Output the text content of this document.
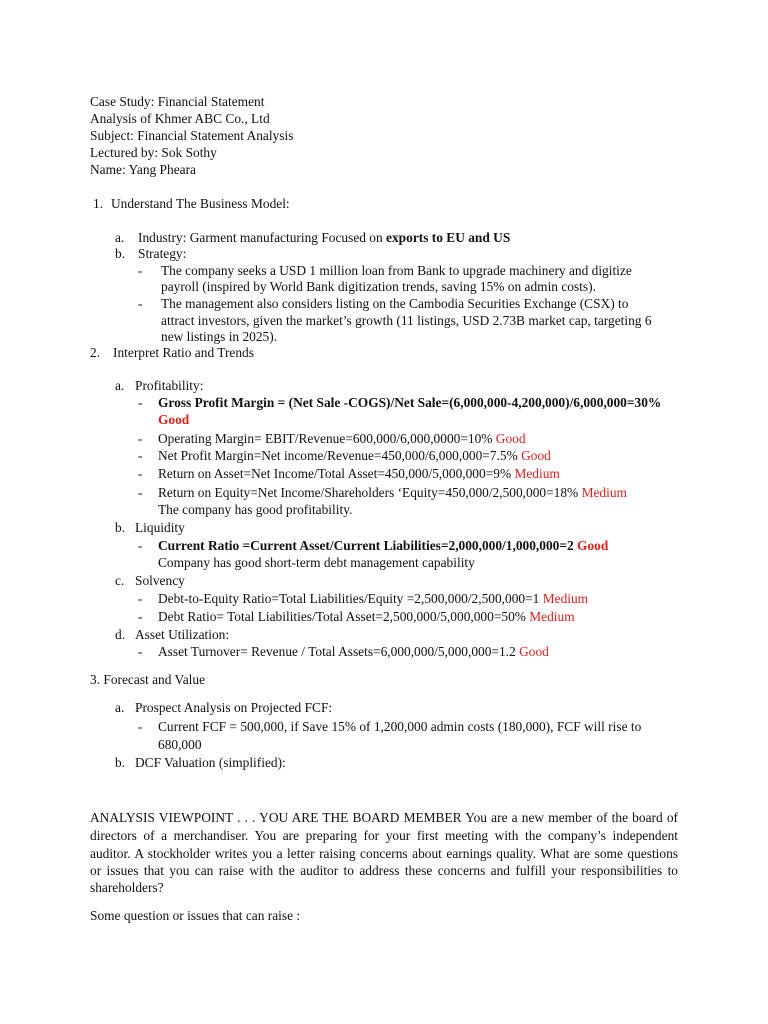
Case Study: Financial Statement
Analysis of Khmer ABC Co., Ltd
Subject: Financial Statement Analysis
Lectured by: Sok Sothy
Name: Yang Pheara
1. Understand The Business Model:
a. Industry: Garment manufacturing Focused on exports to EU and US
b. Strategy:
- The company seeks a USD 1 million loan from Bank to upgrade machinery and digitize
payroll (inspired by World Bank digitization trends, saving 15% on admin costs).
- The management also considers listing on the Cambodia Securities Exchange (CSX) to
attract investors, given the market’s growth (11 listings, USD 2.73B market cap, targeting 6
new listings in 2025).
2. Interpret Ratio and Trends
a. Profitability:
- Gross Profit Margin = (Net Sale -COGS)/Net Sale=(6,000,000-4,200,000)/6,000,000=30%
Good
- Operating Margin= EBIT/Revenue=600,000/6,000,0000=10% Good
- Net Profit Margin=Net income/Revenue=450,000/6,000,000=7.5% Good
- Return on Asset=Net Income/Total Asset=450,000/5,000,000=9% Medium
- Return on Equity=Net Income/Shareholders ‘Equity=450,000/2,500,000=18% Medium
The company has good profitability.
b. Liquidity
- Current Ratio =Current Asset/Current Liabilities=2,000,000/1,000,000=2 Good
Company has good short-term debt management capability
c. Solvency
- Debt-to-Equity Ratio=Total Liabilities/Equity =2,500,000/2,500,000=1 Medium
- Debt Ratio= Total Liabilities/Total Asset=2,500,000/5,000,000=50% Medium
d. Asset Utilization:
- Asset Turnover= Revenue / Total Assets=6,000,000/5,000,000=1.2 Good
3. Forecast and Value
a. Prospect Analysis on Projected FCF:
- Current FCF = 500,000, if Save 15% of 1,200,000 admin costs (180,000), FCF will rise to
680,000
b. DCF Valuation (simplified):
ANALYSIS VIEWPOINT . . . YOU ARE THE BOARD MEMBER You are a new member of the board of
directors of a merchandiser. You are preparing for your first meeting with the company’s independent
auditor. A stockholder writes you a letter raising concerns about earnings quality. What are some questions
or issues that you can raise with the auditor to address these concerns and fulfill your responsibilities to
shareholders?
Some question or issues that can raise :
